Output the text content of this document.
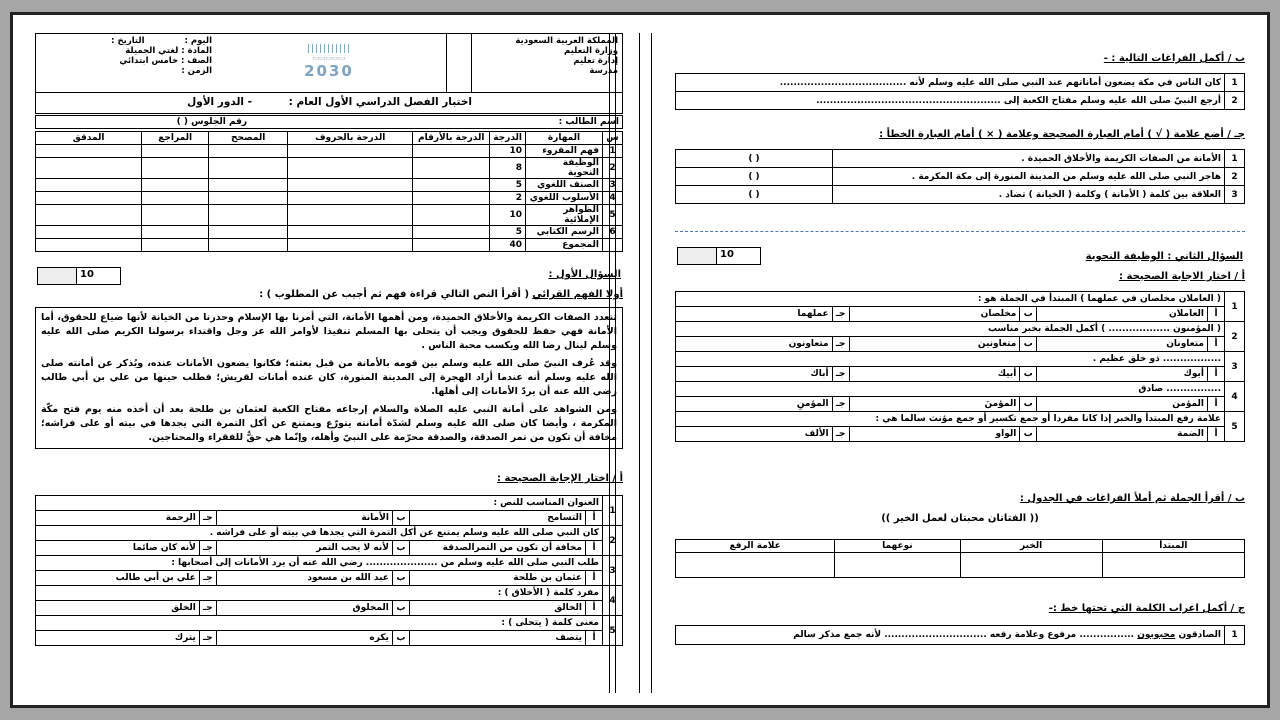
المملكة العربية السعودية
وزارة التعليم
إدارة تعليم
مدرسة
|||||||||||
▭▭▭▭▭
2030
اليوم :التاريخ :
المادة : لغتي الجميلة
الصف : خامس ابتدائي
الزمن :
اختبار الفصل الدراسي الأول العام :
- الدور الأول
اسم الطالب :	رقم الجلوس ( )
س	المهارة	الدرجة	الدرجة بالأرقام	الدرجة بالحروف	المصحح	المراجع	المدقق
1	فهم المقروء	10					
2	الوظيفة النحوية	8					
3	الصنف اللغوي	5					
4	الأسلوب اللغوي	2					
5	الظواهر الإملائية	10					
6	الرسم الكتابي	5					
	المجموع	40					
السؤال الأول :
10
أولا الفهم القرائي ( أقرأ النص التالي قراءة فهم ثم أجيب عن المطلوب ) :

تتعدد الصفات الكريمة والأخلاق الحميدة، ومن أهمها الأمانة، التي أمرنا بها الإسلام وحذرنا من الخيانة لأنها ضياع للحقوق، أما الأمانة فهي حفظ للحقوق ويجب أن يتحلى بها المسلم تنفيذا لأوامر الله عز وجل واقتداء برسولنا الكريم صلى الله عليه وسلم لينال رضا الله ويكسب محبة الناس .

وقد عُرف النبيّ صلى الله عليه وسلم بين قومه بالأمانة من قبل بعثته؛ فكانوا يضعون الأمانات عنده، ويُذكر عن أمانته صلى الله عليه وسلم أنه عندما أراد الهجرة إلى المدينة المنورة، كان عنده أمانات لقريش؛ فطلب حينها من علي بن أبي طالب رضي الله عنه أن يردّ الأمانات إلى أهلها.

ومن الشواهد على أمانة النبي عليه الصلاة والسلام إرجاعه مفتاح الكعبة لعثمان بن طلحة بعد أن أخذه منه يوم فتح مكّة المكرمة ، وأيضا كان صلى الله عليه وسلم لشدّة أمانته يتورّع ويمتنع عن أكل التمرة التي يجدها في بيته أو على فراشه؛ مخافة أن تكون من تمر الصدقة، والصدقة محرّمة على النبيّ وأهله، وإنّما هي حقٌّ للفقراء والمحتاجين.

أ / اختار الإجابة الصحيحة :
1	العنوان المناسب للنص :					
	أ	التسامح	ب	الأمانة	جـ	الرحمة
2	كان النبي صلى الله عليه وسلم يمتنع عن أكل التمرة التي يجدها في بيته أو على فراشه .					
	أ	مخافة أن تكون من التمرالصدقة	ب	لأنه لا يحب التمر	جـ	لأنه كان صائما
3	طلب النبي صلى الله عليه وسلم من ..................... رضي الله عنه أن يرد الأمانات إلى أصحابها :					
	أ	عثمان بن طلحة	ب	عبد الله بن مسعود	جـ	علي بن أبي طالب
4	مفرد كلمة ( الأخلاق ) :					
	أ	الخالق	ب	المخلوق	جـ	الخلق
5	معنى كلمة ( يتحلى ) :					
	أ	يتصف	ب	يكره	جـ	يترك
ب / أكمل الفراغات التالية : -
1	كان الناس في مكة يضعون أماناتهم عند النبي صلى الله عليه وسلم لأنه .....................................
2	أرجع النبيّ صلى الله عليه وسلم مفتاح الكعبة إلى ......................................................
جـ / أضع علامة ( √ ) أمام العبارة الصحيحة وعلامة ( × ) أمام العبارة الخطأ :
1	الأمانة من الصفات الكريمة والأخلاق الحميدة .	( )
2	هاجر النبي صلى الله عليه وسلم من المدينة المنورة إلى مكة المكرمة .	( )
3	العلاقة بين كلمة ( الأمانة ) وكلمة ( الخيانة ) تضاد .	( )
السؤال الثاني : الوظيفة النحوية
10
أ / اختار الاجابة الصحيحة :
1	( العاملان مخلصان في عملهما ) المبتدأ في الجملة هو :					
	أ	العاملان	ب	مخلصان	جـ	عملهما
2	( المؤمنون .................. ) أكمل الجملة بخبر مناسب					
	أ	متعاونان	ب	متعاونين	جـ	متعاونون
3	................. ذو خلق عظيم .					
	أ	أبوك	ب	أبيك	جـ	أباك
4	................ صادق					
	أ	المؤمن	ب	المؤمنَ	جـ	المؤمنِ
5	علامة رفع المبتدأ والخبر إذا كانا مفردا أو جمع تكسير أو جمع مؤنث سالما هي :					
	أ	الضمة	ب	الواو	جـ	الألف
ب / أقرأ الجملة ثم أملأ الفراغات في الجدول :
(( الفتاتان محبتان لعمل الخير ))
المبتدأ	الخبر	نوعهما	علامة الرفع

ج / أكمل اعراب الكلمة التي تحتها خط :-
1	الصادقون محبوبون ................ مرفوع وعلامة رفعه .............................. لأنه جمع مذكر سالم
